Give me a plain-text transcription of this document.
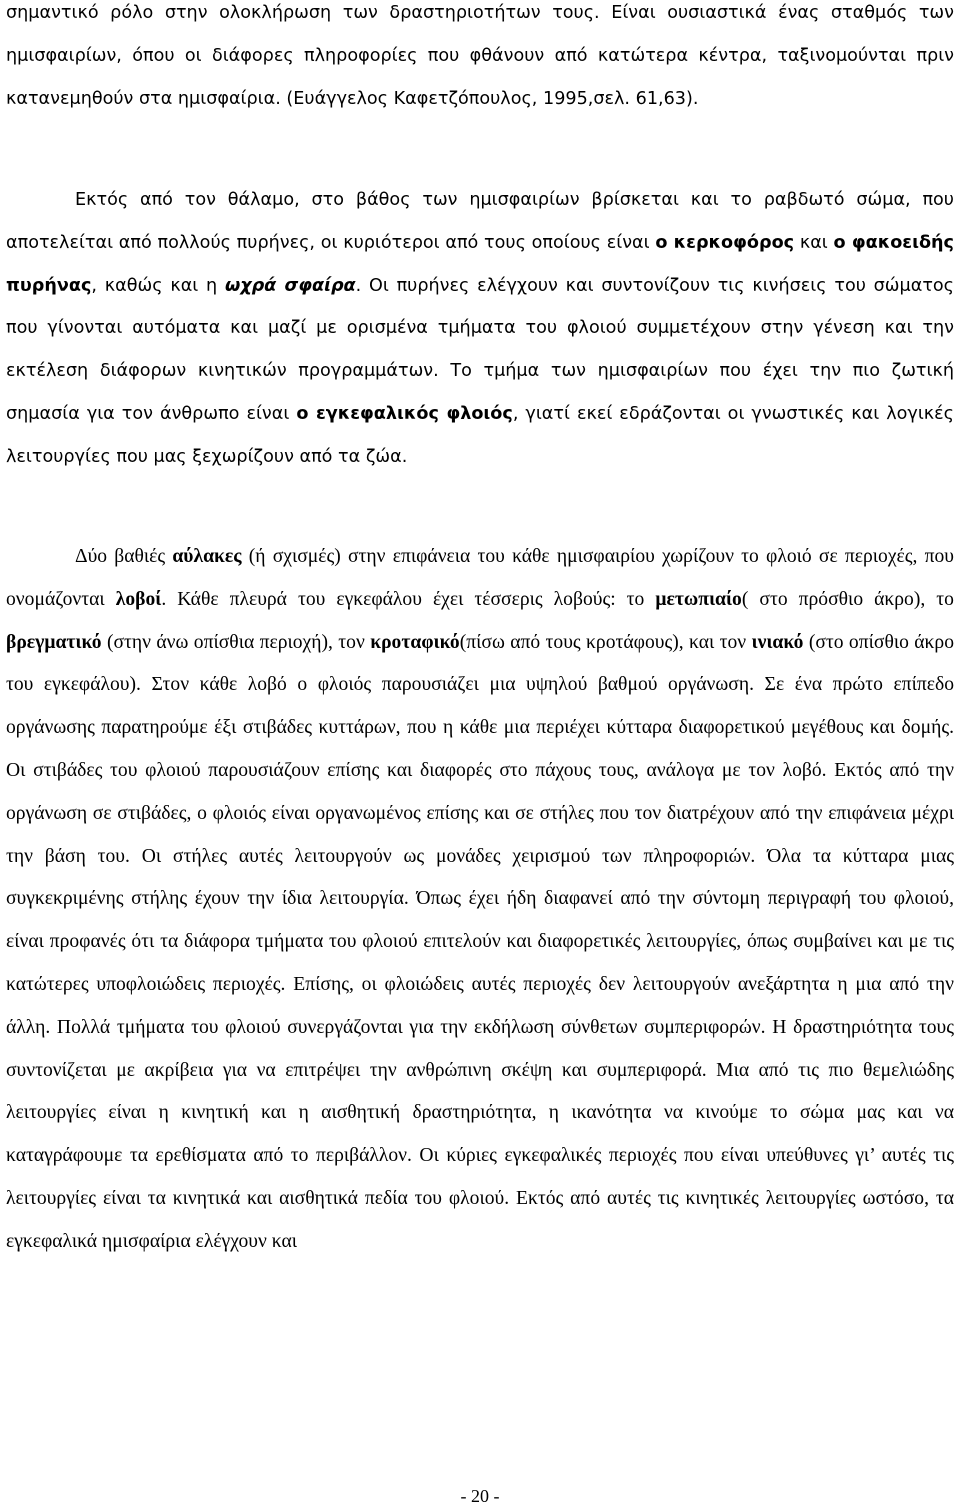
σημαντικό ρόλο στην ολοκλήρωση των δραστηριοτήτων τους. Είναι ουσιαστικά ένας σταθμός των ημισφαιρίων, όπου οι διάφορες πληροφορίες που φθάνουν από κατώτερα κέντρα, ταξινομούνται πριν κατανεμηθούν στα ημισφαίρια. (Ευάγγελος Καφετζόπουλος, 1995,σελ. 61,63).

Εκτός από τον θάλαμο, στο βάθος των ημισφαιρίων βρίσκεται και το ραβδωτό σώμα, που αποτελείται από πολλούς πυρήνες, οι κυριότεροι από τους οποίους είναι ο κερκοφόρος και ο φακοειδής πυρήνας, καθώς και η ωχρά σφαίρα. Οι πυρήνες ελέγχουν και συντονίζουν τις κινήσεις του σώματος που γίνονται αυτόματα και μαζί με ορισμένα τμήματα του φλοιού συμμετέχουν στην γένεση και την εκτέλεση διάφορων κινητικών προγραμμάτων. Το τμήμα των ημισφαιρίων που έχει την πιο ζωτική σημασία για τον άνθρωπο είναι ο εγκεφαλικός φλοιός, γιατί εκεί εδράζονται οι γνωστικές και λογικές λειτουργίες που μας ξεχωρίζουν από τα ζώα.

Δύο βαθιές αύλακες (ή σχισμές) στην επιφάνεια του κάθε ημισφαιρίου χωρίζουν το φλοιό σε περιοχές, που ονομάζονται λοβοί. Κάθε πλευρά του εγκεφάλου έχει τέσσερις λοβούς: το μετωπιαίο( στο πρόσθιο άκρο), το βρεγματικό (στην άνω οπίσθια περιοχή), τον κροταφικό(πίσω από τους κροτάφους), και τον ινιακό (στο οπίσθιο άκρο του εγκεφάλου). Στον κάθε λοβό ο φλοιός παρουσιάζει μια υψηλού βαθμού οργάνωση. Σε ένα πρώτο επίπεδο οργάνωσης παρατηρούμε έξι στιβάδες κυττάρων, που η κάθε μια περιέχει κύτταρα διαφορετικού μεγέθους και δομής. Οι στιβάδες του φλοιού παρουσιάζουν επίσης και διαφορές στο πάχους τους, ανάλογα με τον λοβό. Εκτός από την οργάνωση σε στιβάδες, ο φλοιός είναι οργανωμένος επίσης και σε στήλες που τον διατρέχουν από την επιφάνεια μέχρι την βάση του. Οι στήλες αυτές λειτουργούν ως μονάδες χειρισμού των πληροφοριών. Όλα τα κύτταρα μιας συγκεκριμένης στήλης έχουν την ίδια λειτουργία. Όπως έχει ήδη διαφανεί από την σύντομη περιγραφή του φλοιού, είναι προφανές ότι τα διάφορα τμήματα του φλοιού επιτελούν και διαφορετικές λειτουργίες, όπως συμβαίνει και με τις κατώτερες υποφλοιώδεις περιοχές. Επίσης, οι φλοιώδεις αυτές περιοχές δεν λειτουργούν ανεξάρτητα η μια από την άλλη. Πολλά τμήματα του φλοιού συνεργάζονται για την εκδήλωση σύνθετων συμπεριφορών. Η δραστηριότητα τους συντονίζεται με ακρίβεια για να επιτρέψει την ανθρώπινη σκέψη και συμπεριφορά. Μια από τις πιο θεμελιώδης λειτουργίες είναι η κινητική και η αισθητική δραστηριότητα, η ικανότητα να κινούμε το σώμα μας και να καταγράφουμε τα ερεθίσματα από το περιβάλλον. Οι κύριες εγκεφαλικές περιοχές που είναι υπεύθυνες γι’ αυτές τις λειτουργίες είναι τα κινητικά και αισθητικά πεδία του φλοιού. Εκτός από αυτές τις κινητικές λειτουργίες ωστόσο, τα εγκεφαλικά ημισφαίρια ελέγχουν και

- 20 -
